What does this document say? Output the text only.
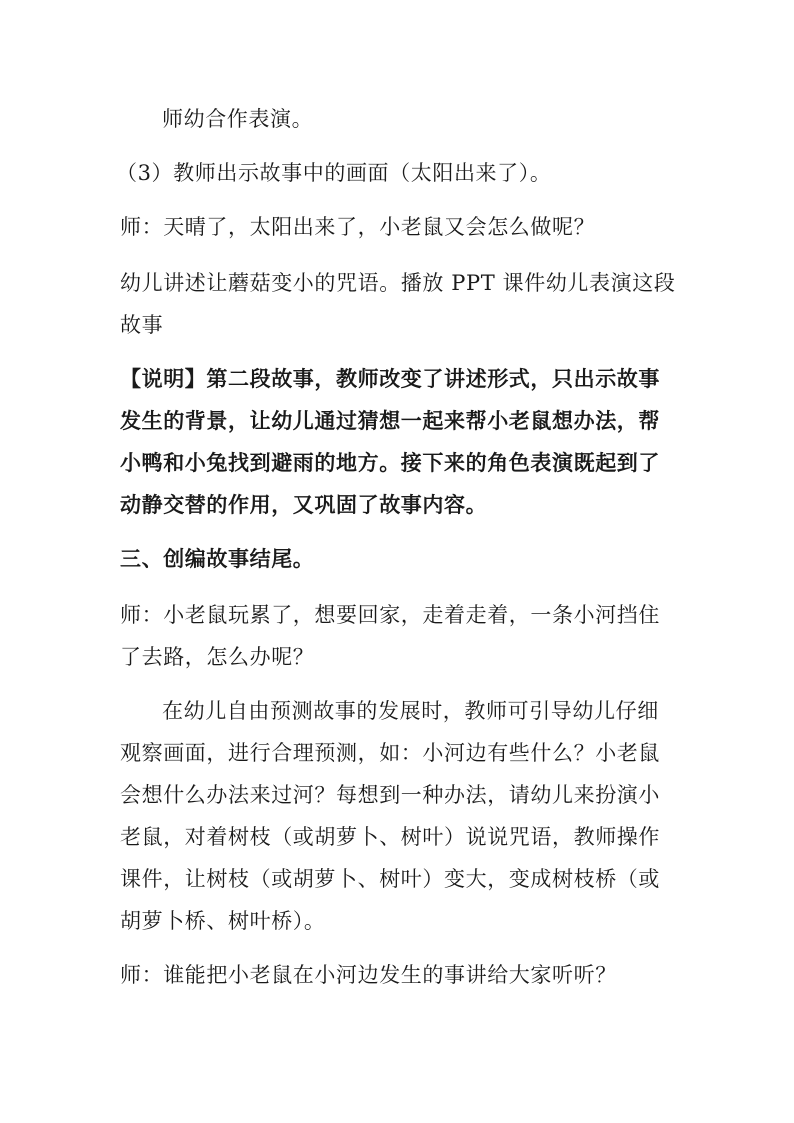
师幼合作表演。
（3）教师出示故事中的画面（太阳出来了）。
师：天晴了，太阳出来了，小老鼠又会怎么做呢？
幼儿讲述让蘑菇变小的咒语。播放 PPT 课件幼儿表演这段
故事
【说明】第二段故事，教师改变了讲述形式，只出示故事
发生的背景，让幼儿通过猜想一起来帮小老鼠想办法，帮
小鸭和小兔找到避雨的地方。接下来的角色表演既起到了
动静交替的作用，又巩固了故事内容。
三、创编故事结尾。
师：小老鼠玩累了，想要回家，走着走着，一条小河挡住
了去路，怎么办呢？
在幼儿自由预测故事的发展时，教师可引导幼儿仔细
观察画面，进行合理预测，如：小河边有些什么？小老鼠
会想什么办法来过河？每想到一种办法，请幼儿来扮演小
老鼠，对着树枝（或胡萝卜、树叶）说说咒语，教师操作
课件，让树枝（或胡萝卜、树叶）变大，变成树枝桥（或
胡萝卜桥、树叶桥）。
师：谁能把小老鼠在小河边发生的事讲给大家听听？
